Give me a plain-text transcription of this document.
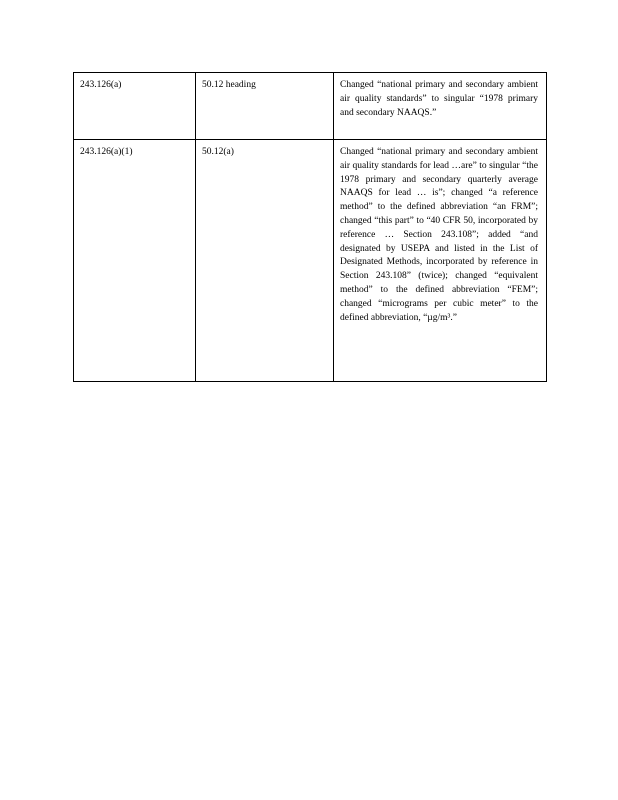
243.126(a)	50.12 heading	Changed “national primary and secondary ambient air quality standards” to singular “1978 primary and secondary NAAQS.”
243.126(a)(1)	50.12(a)	Changed “national primary and secondary ambient air quality standards for lead …are” to singular “the 1978 primary and secondary quarterly average NAAQS for lead … is”; changed “a reference method” to the defined abbreviation “an FRM”; changed “this part” to “40 CFR 50, incorporated by reference … Section 243.108”; added “and designated by USEPA and listed in the List of Designated Methods, incorporated by reference in Section 243.108” (twice); changed “equivalent method” to the defined abbreviation “FEM”; changed “micrograms per cubic meter” to the defined abbreviation, “µg/m³.”
